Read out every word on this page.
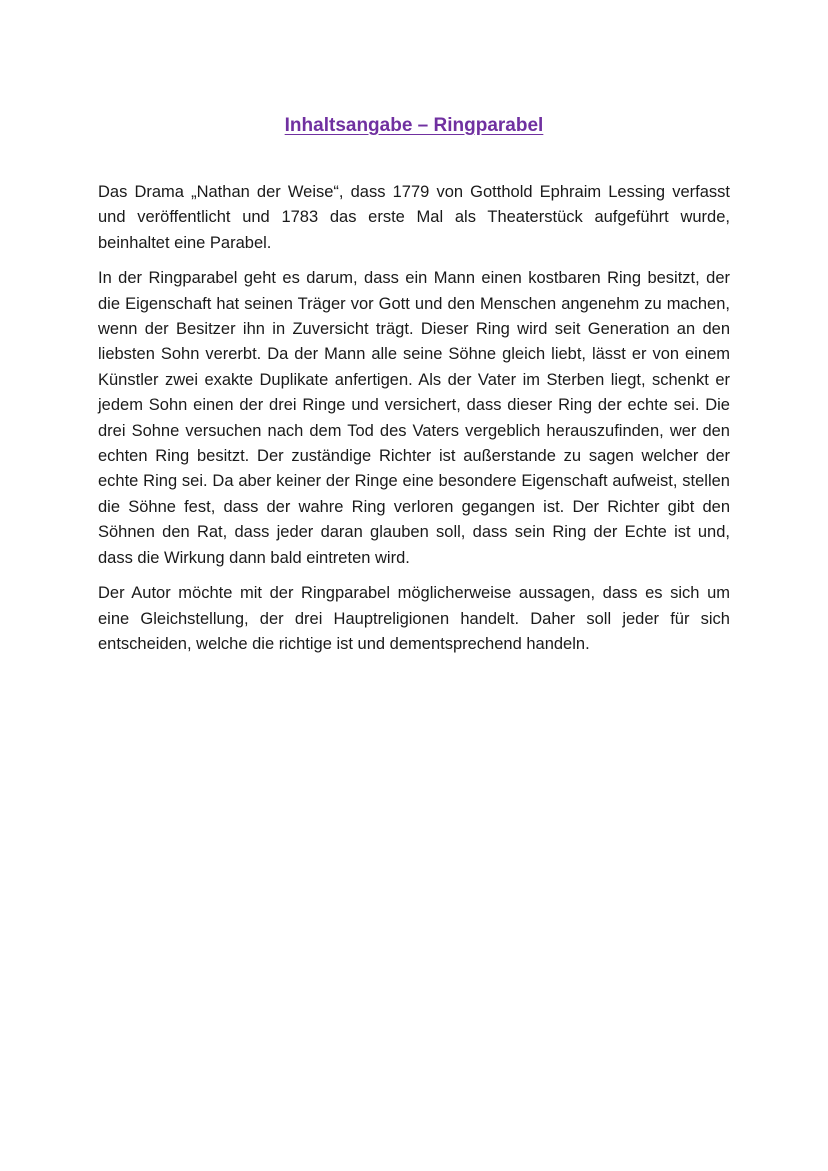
Inhaltsangabe – Ringparabel

Das Drama „Nathan der Weise“, dass 1779 von Gotthold Ephraim Lessing verfasst und veröffentlicht und 1783 das erste Mal als Theaterstück aufgeführt wurde, beinhaltet eine Parabel.

In der Ringparabel geht es darum, dass ein Mann einen kostbaren Ring besitzt, der die Eigenschaft hat seinen Träger vor Gott und den Menschen angenehm zu machen, wenn der Besitzer ihn in Zuversicht trägt. Dieser Ring wird seit Generation an den liebsten Sohn vererbt. Da der Mann alle seine Söhne gleich liebt, lässt er von einem Künstler zwei exakte Duplikate anfertigen. Als der Vater im Sterben liegt, schenkt er jedem Sohn einen der drei Ringe und versichert, dass dieser Ring der echte sei. Die drei Sohne versuchen nach dem Tod des Vaters vergeblich herauszufinden, wer den echten Ring besitzt. Der zuständige Richter ist außerstande zu sagen welcher der echte Ring sei. Da aber keiner der Ringe eine besondere Eigenschaft aufweist, stellen die Söhne fest, dass der wahre Ring verloren gegangen ist. Der Richter gibt den Söhnen den Rat, dass jeder daran glauben soll, dass sein Ring der Echte ist und, dass die Wirkung dann bald eintreten wird.

Der Autor möchte mit der Ringparabel möglicherweise aussagen, dass es sich um eine Gleichstellung, der drei Hauptreligionen handelt. Daher soll jeder für sich entscheiden, welche die richtige ist und dementsprechend handeln.
